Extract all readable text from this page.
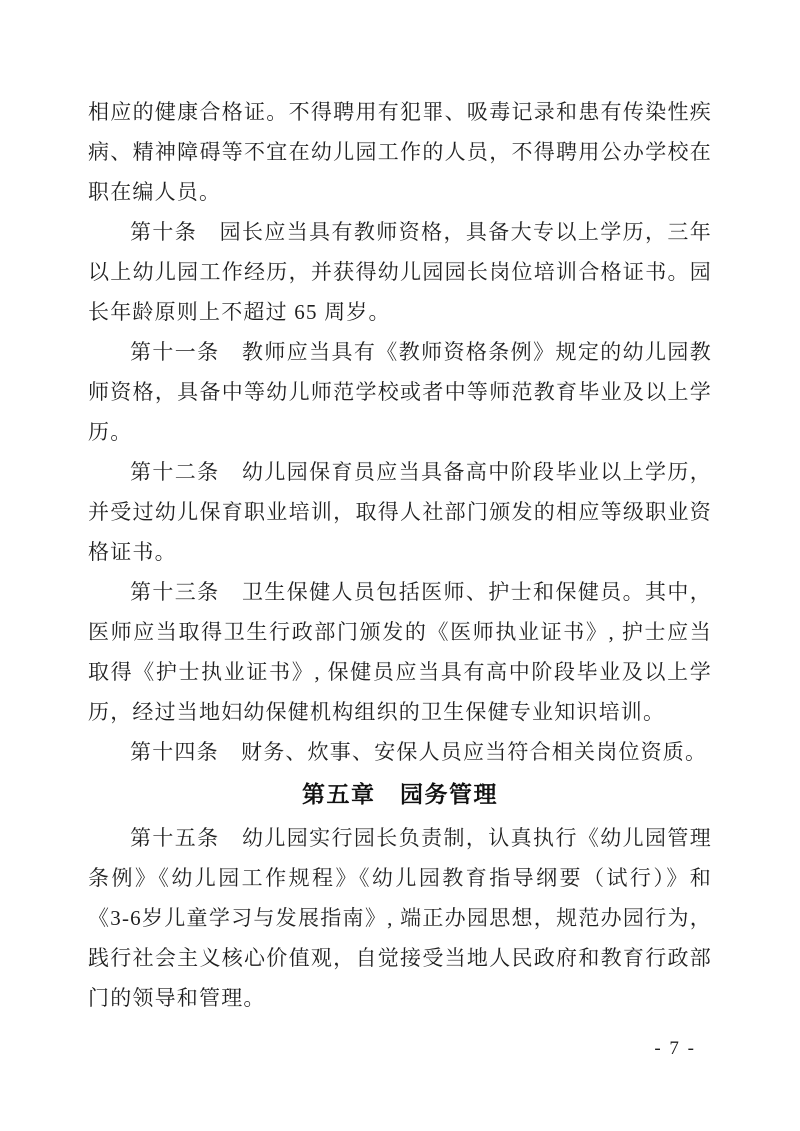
相应的健康合格证。不得聘用有犯罪、吸毒记录和患有传染性疾病、精神障碍等不宜在幼儿园工作的人员，不得聘用公办学校在职在编人员。

第十条　园长应当具有教师资格，具备大专以上学历，三年以上幼儿园工作经历，并获得幼儿园园长岗位培训合格证书。园长年龄原则上不超过 65 周岁。

第十一条　教师应当具有《教师资格条例》规定的幼儿园教师资格，具备中等幼儿师范学校或者中等师范教育毕业及以上学历。

第十二条　幼儿园保育员应当具备高中阶段毕业以上学历，并受过幼儿保育职业培训，取得人社部门颁发的相应等级职业资格证书。

第十三条　卫生保健人员包括医师、护士和保健员。其中，医师应当取得卫生行政部门颁发的《医师执业证书》, 护士应当取得《护士执业证书》, 保健员应当具有高中阶段毕业及以上学历，经过当地妇幼保健机构组织的卫生保健专业知识培训。

第十四条　财务、炊事、安保人员应当符合相关岗位资质。

第五章　园务管理

第十五条　幼儿园实行园长负责制，认真执行《幼儿园管理条例》《幼儿园工作规程》《幼儿园教育指导纲要（试行）》和《3-6岁儿童学习与发展指南》, 端正办园思想，规范办园行为，践行社会主义核心价值观，自觉接受当地人民政府和教育行政部门的领导和管理。

- 7 -
